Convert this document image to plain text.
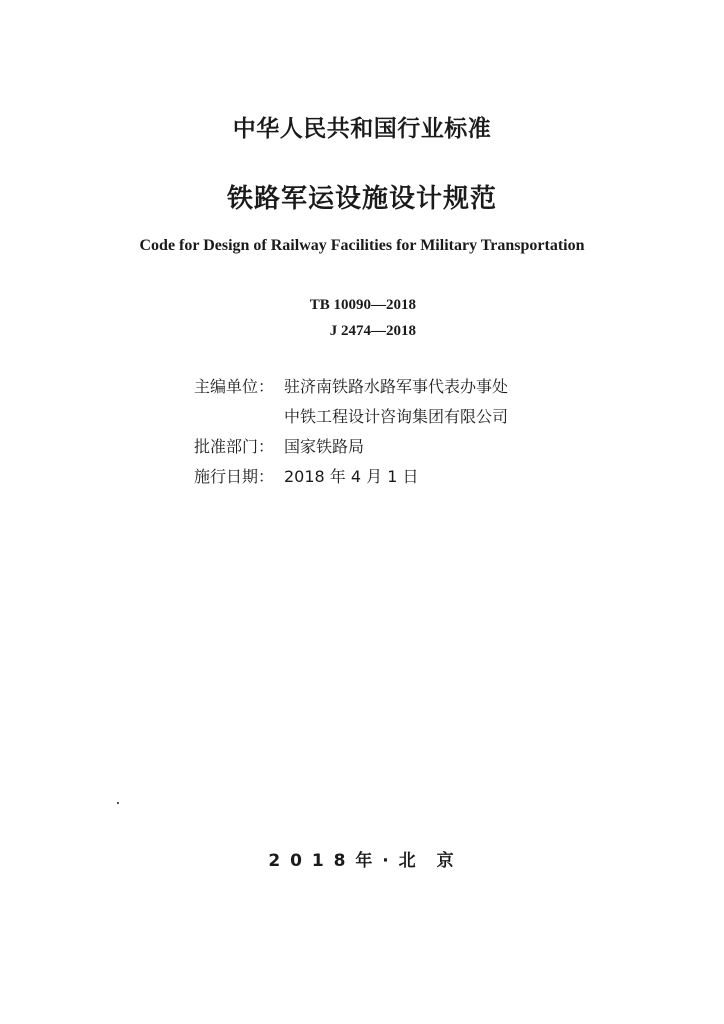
中华人民共和国行业标准
铁路军运设施设计规范
Code for Design of Railway Facilities for Military Transportation
TB 10090—2018
J 2474—2018
主编单位： 驻济南铁路水路军事代表办事处
中铁工程设计咨询集团有限公司
批准部门： 国家铁路局
施行日期： 2018 年 4 月 1 日
2 0 1 8 年 · 北　京
